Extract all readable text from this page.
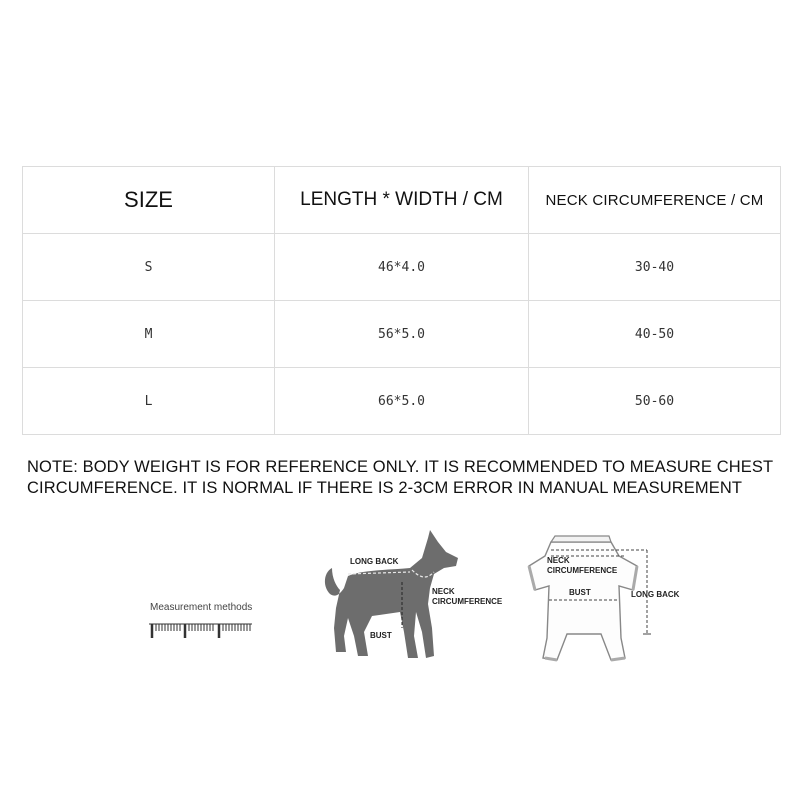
SIZE	LENGTH * WIDTH / CM	NECK CIRCUMFERENCE / CM
S	46*4.0	30-40
M	56*5.0	40-50
L	66*5.0	50-60

NOTE: BODY WEIGHT IS FOR REFERENCE ONLY. IT IS RECOMMENDED TO MEASURE CHEST CIRCUMFERENCE. IT IS NORMAL IF THERE IS 2-3CM ERROR IN MANUAL MEASUREMENT

Measurement methods
LONG BACK
NECK
CIRCUMFERENCE
BUST
NECK
CIRCUMFERENCE
BUST	LONG BACK
